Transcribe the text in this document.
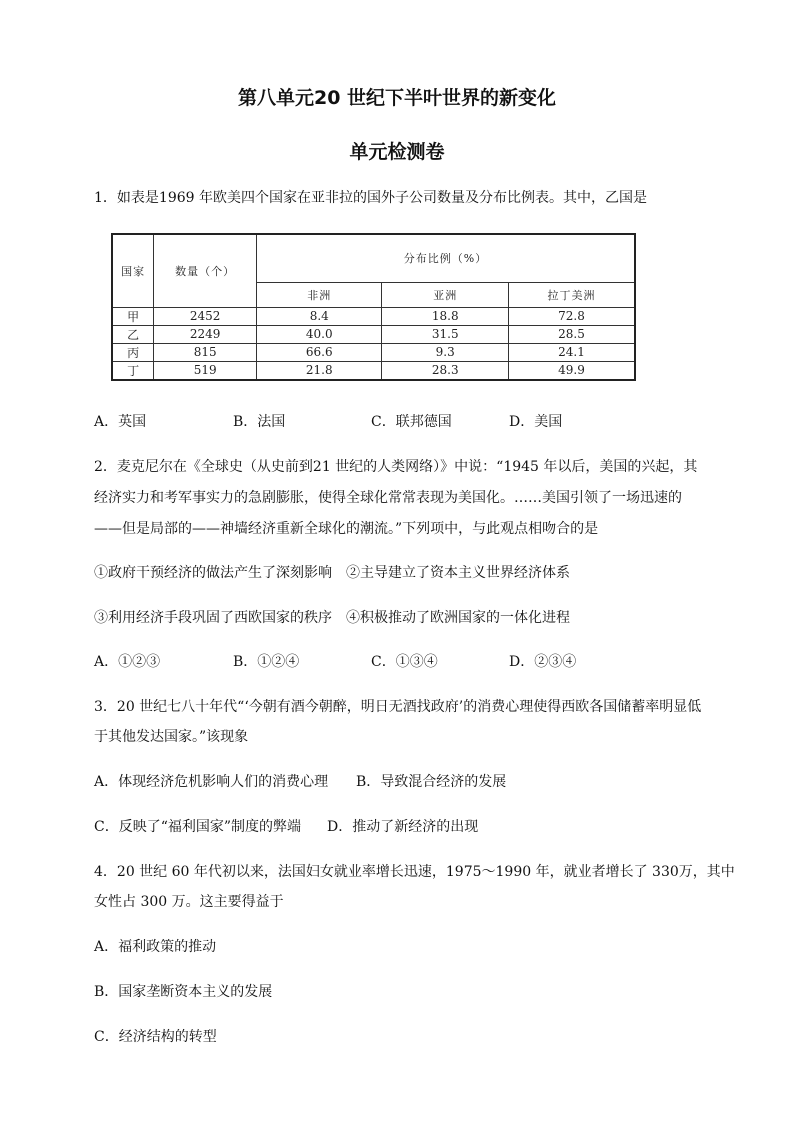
第八单元20 世纪下半叶世界的新变化
单元检测卷
1．如表是1969 年欧美四个国家在亚非拉的国外子公司数量及分布比例表。其中，乙国是
国家	数量（个）	分布比例（%）		
		非洲	亚洲	拉丁美洲
甲	2452	8.4	18.8	72.8
乙	2249	40.0	31.5	28.5
丙	815	66.6	9.3	24.1
丁	519	21.8	28.3	49.9
A．英国	B．法国	C．联邦德国	D．美国
2．麦克尼尔在《全球史（从史前到21 世纪的人类网络）》中说：“1945 年以后，美国的兴起，其
经济实力和考军事实力的急剧膨胀，使得全球化常常表现为美国化。……美国引领了一场迅速的
——但是局部的——神墙经济重新全球化的潮流。”下列项中，与此观点相吻合的是
①政府干预经济的做法产生了深刻影响　②主导建立了资本主义世界经济体系
③利用经济手段巩固了西欧国家的秩序　④积极推动了欧洲国家的一体化进程
A．①②③	B．①②④	C．①③④	D．②③④
3．20 世纪七八十年代“‘今朝有酒今朝醉，明日无酒找政府’的消费心理使得西欧各国储蓄率明显低
于其他发达国家。”该现象
A．体现经济危机影响人们的消费心理 B．导致混合经济的发展
C．反映了“福利国家”制度的弊端 D．推动了新经济的出现
4．20 世纪 60 年代初以来，法国妇女就业率增长迅速，1975～1990 年，就业者增长了 330万，其中
女性占 300 万。这主要得益于
A．福利政策的推动
B．国家垄断资本主义的发展
C．经济结构的转型
